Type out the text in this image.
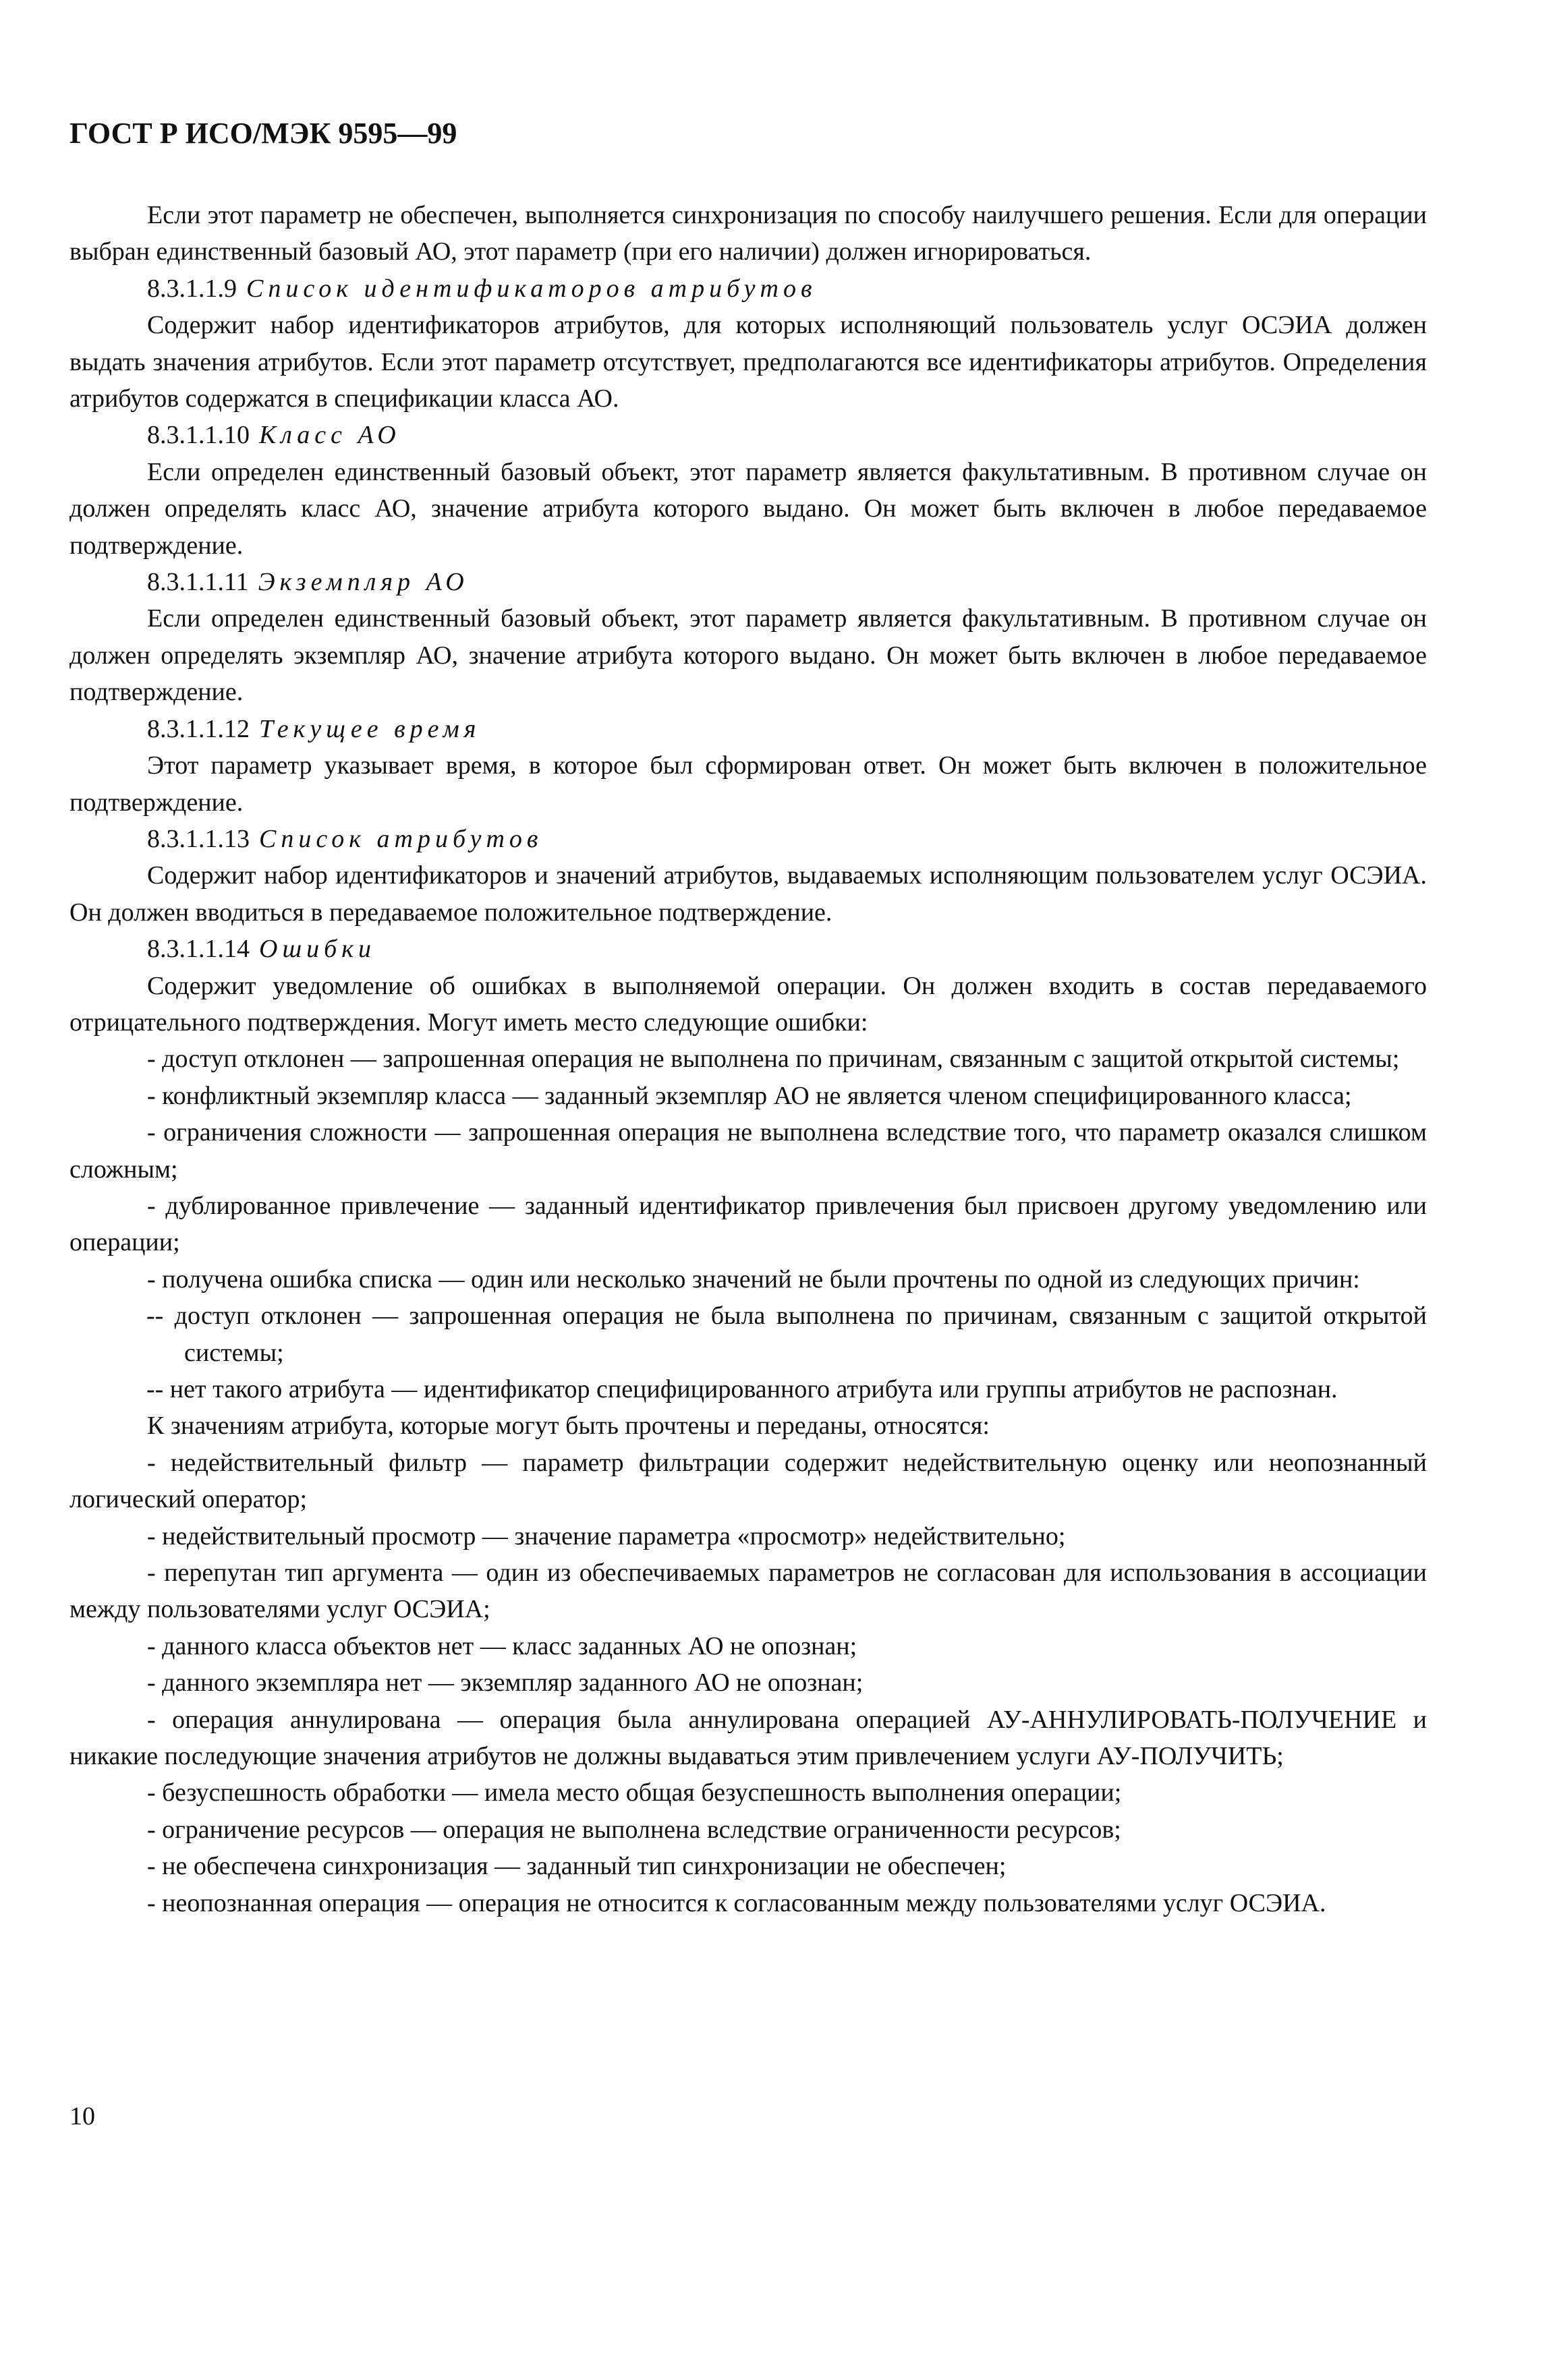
ГОСТ Р ИСО/МЭК 9595—99

Если этот параметр не обеспечен, выполняется синхронизация по способу наилучшего решения. Если для операции выбран единственный базовый АО, этот параметр (при его наличии) должен игнорироваться.

8.3.1.1.9 Список идентификаторов атрибутов

Содержит набор идентификаторов атрибутов, для которых исполняющий пользователь услуг ОСЭИА должен выдать значения атрибутов. Если этот параметр отсутствует, предполагаются все идентификаторы атрибутов. Определения атрибутов содержатся в спецификации класса АО.

8.3.1.1.10 Класс АО

Если определен единственный базовый объект, этот параметр является факультативным. В противном случае он должен определять класс АО, значение атрибута которого выдано. Он может быть включен в любое передаваемое подтверждение.

8.3.1.1.11 Экземпляр АО

Если определен единственный базовый объект, этот параметр является факультативным. В противном случае он должен определять экземпляр АО, значение атрибута которого выдано. Он может быть включен в любое передаваемое подтверждение.

8.3.1.1.12 Текущее время

Этот параметр указывает время, в которое был сформирован ответ. Он может быть включен в положительное подтверждение.

8.3.1.1.13 Список атрибутов

Содержит набор идентификаторов и значений атрибутов, выдаваемых исполняющим пользователем услуг ОСЭИА. Он должен вводиться в передаваемое положительное подтверждение.

8.3.1.1.14 Ошибки

Содержит уведомление об ошибках в выполняемой операции. Он должен входить в состав передаваемого отрицательного подтверждения. Могут иметь место следующие ошибки:

- доступ отклонен — запрошенная операция не выполнена по причинам, связанным с защитой открытой системы;

- конфликтный экземпляр класса — заданный экземпляр АО не является членом специфицированного класса;

- ограничения сложности — запрошенная операция не выполнена вследствие того, что параметр оказался слишком сложным;

- дублированное привлечение — заданный идентификатор привлечения был присвоен другому уведомлению или операции;

- получена ошибка списка — один или несколько значений не были прочтены по одной из следующих причин:

-- доступ отклонен — запрошенная операция не была выполнена по причинам, связанным с защитой открытой системы;

-- нет такого атрибута — идентификатор специфицированного атрибута или группы атрибутов не распознан.

К значениям атрибута, которые могут быть прочтены и переданы, относятся:

- недействительный фильтр — параметр фильтрации содержит недействительную оценку или неопознанный логический оператор;

- недействительный просмотр — значение параметра «просмотр» недействительно;

- перепутан тип аргумента — один из обеспечиваемых параметров не согласован для использования в ассоциации между пользователями услуг ОСЭИА;

- данного класса объектов нет — класс заданных АО не опознан;

- данного экземпляра нет — экземпляр заданного АО не опознан;

- операция аннулирована — операция была аннулирована операцией АУ-АННУЛИРОВАТЬ-ПОЛУЧЕНИЕ и никакие последующие значения атрибутов не должны выдаваться этим привлечением услуги АУ-ПОЛУЧИТЬ;

- безуспешность обработки — имела место общая безуспешность выполнения операции;

- ограничение ресурсов — операция не выполнена вследствие ограниченности ресурсов;

- не обеспечена синхронизация — заданный тип синхронизации не обеспечен;

- неопознанная операция — операция не относится к согласованным между пользователями услуг ОСЭИА.

10
